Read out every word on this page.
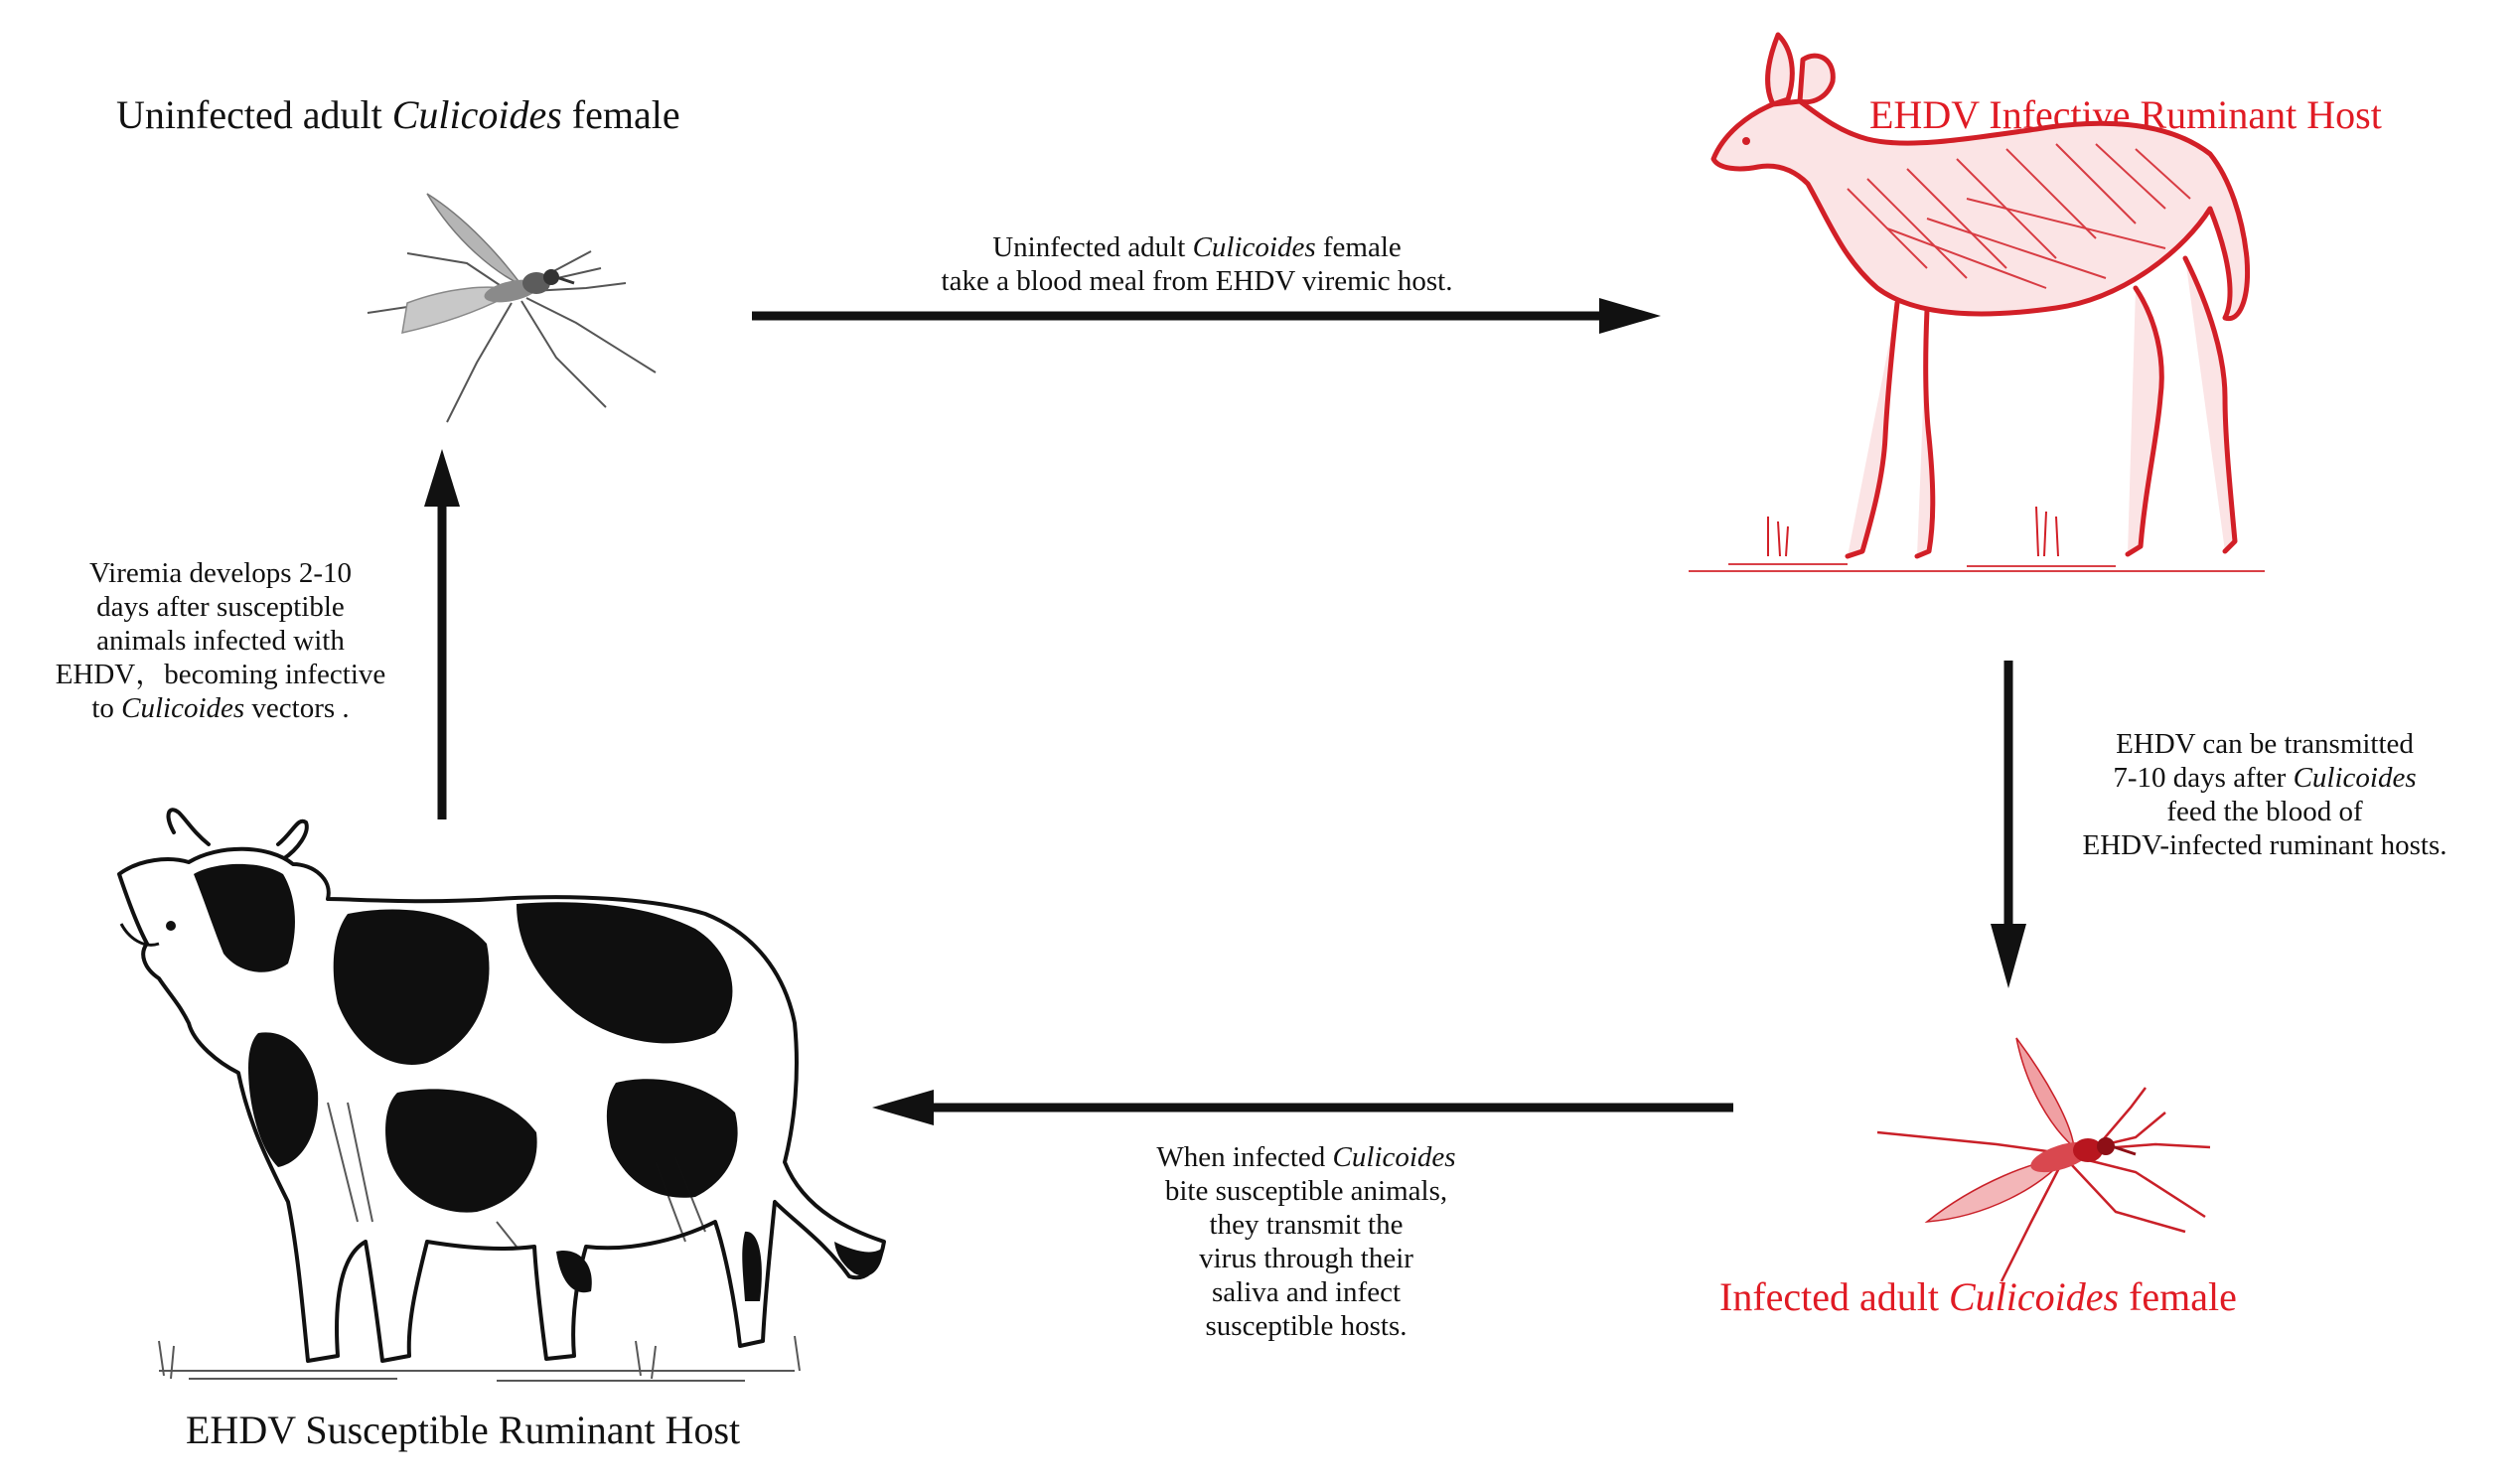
Uninfected adult Culicoides female	EHDV Infective Ruminant Host
Infected adult Culicoides female
EHDV Susceptible Ruminant Host
Uninfected adult Culicoides female
take a blood meal from EHDV viremic host.
EHDV can be transmitted
7-10 days after Culicoides
feed the blood of
EHDV-infected ruminant hosts.
When infected Culicoides
bite susceptible animals,
they transmit the
virus through their
saliva and infect
susceptible hosts.
Viremia develops 2-10
days after susceptible
animals infected with
EHDV，becoming infective
to Culicoides vectors .
